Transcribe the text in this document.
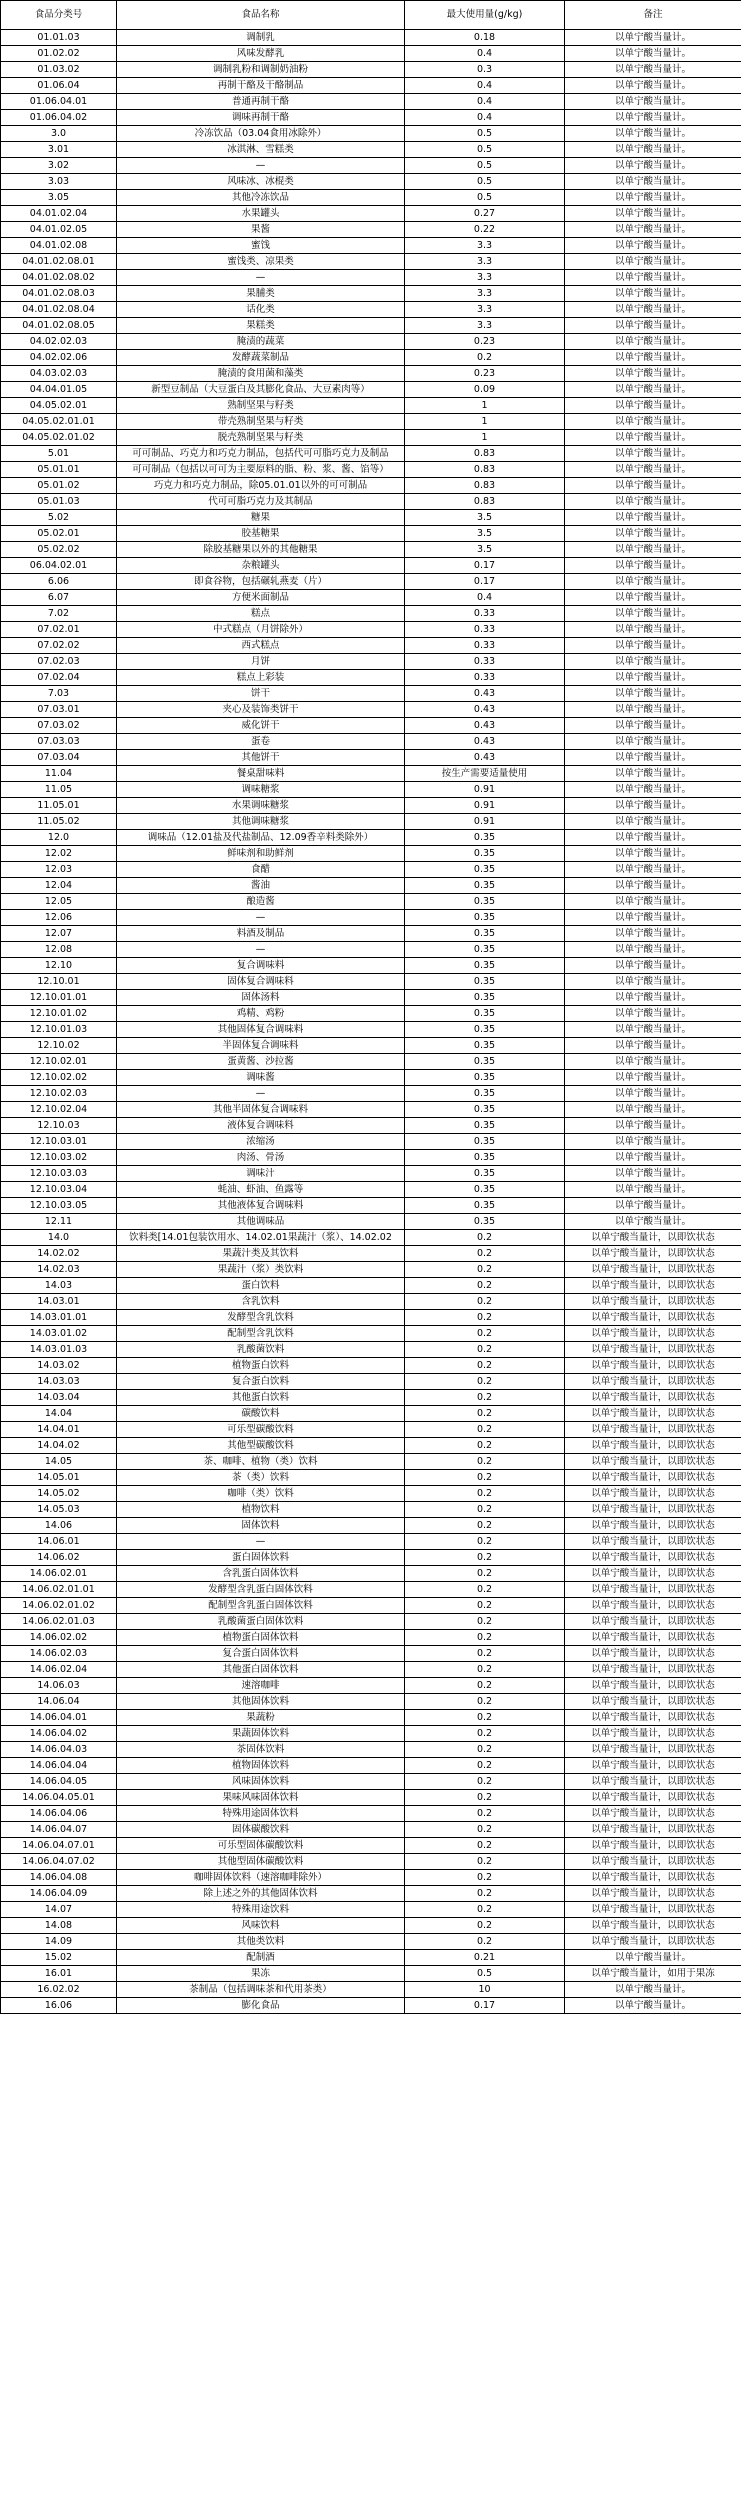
食品分类号	食品名称	最大使用量(g/kg)	备注
01.01.03	调制乳	0.18	以单宁酸当量计。
01.02.02	风味发酵乳	0.4	以单宁酸当量计。
01.03.02	调制乳粉和调制奶油粉	0.3	以单宁酸当量计。
01.06.04	再制干酪及干酪制品	0.4	以单宁酸当量计。
01.06.04.01	普通再制干酪	0.4	以单宁酸当量计。
01.06.04.02	调味再制干酪	0.4	以单宁酸当量计。
3.0	冷冻饮品（03.04食用冰除外）	0.5	以单宁酸当量计。
3.01	冰淇淋、雪糕类	0.5	以单宁酸当量计。
3.02	—	0.5	以单宁酸当量计。
3.03	风味冰、冰棍类	0.5	以单宁酸当量计。
3.05	其他冷冻饮品	0.5	以单宁酸当量计。
04.01.02.04	水果罐头	0.27	以单宁酸当量计。
04.01.02.05	果酱	0.22	以单宁酸当量计。
04.01.02.08	蜜饯	3.3	以单宁酸当量计。
04.01.02.08.01	蜜饯类、凉果类	3.3	以单宁酸当量计。
04.01.02.08.02	—	3.3	以单宁酸当量计。
04.01.02.08.03	果脯类	3.3	以单宁酸当量计。
04.01.02.08.04	话化类	3.3	以单宁酸当量计。
04.01.02.08.05	果糕类	3.3	以单宁酸当量计。
04.02.02.03	腌渍的蔬菜	0.23	以单宁酸当量计。
04.02.02.06	发酵蔬菜制品	0.2	以单宁酸当量计。
04.03.02.03	腌渍的食用菌和藻类	0.23	以单宁酸当量计。
04.04.01.05	新型豆制品（大豆蛋白及其膨化食品、大豆素肉等）	0.09	以单宁酸当量计。
04.05.02.01	熟制坚果与籽类	1	以单宁酸当量计。
04.05.02.01.01	带壳熟制坚果与籽类	1	以单宁酸当量计。
04.05.02.01.02	脱壳熟制坚果与籽类	1	以单宁酸当量计。
5.01	可可制品、巧克力和巧克力制品，包括代可可脂巧克力及制品	0.83	以单宁酸当量计。
05.01.01	可可制品（包括以可可为主要原料的脂、粉、浆、酱、馅等）	0.83	以单宁酸当量计。
05.01.02	巧克力和巧克力制品，除05.01.01以外的可可制品	0.83	以单宁酸当量计。
05.01.03	代可可脂巧克力及其制品	0.83	以单宁酸当量计。
5.02	糖果	3.5	以单宁酸当量计。
05.02.01	胶基糖果	3.5	以单宁酸当量计。
05.02.02	除胶基糖果以外的其他糖果	3.5	以单宁酸当量计。
06.04.02.01	杂粮罐头	0.17	以单宁酸当量计。
6.06	即食谷物，包括碾轧燕麦（片）	0.17	以单宁酸当量计。
6.07	方便米面制品	0.4	以单宁酸当量计。
7.02	糕点	0.33	以单宁酸当量计。
07.02.01	中式糕点（月饼除外）	0.33	以单宁酸当量计。
07.02.02	西式糕点	0.33	以单宁酸当量计。
07.02.03	月饼	0.33	以单宁酸当量计。
07.02.04	糕点上彩装	0.33	以单宁酸当量计。
7.03	饼干	0.43	以单宁酸当量计。
07.03.01	夹心及装饰类饼干	0.43	以单宁酸当量计。
07.03.02	威化饼干	0.43	以单宁酸当量计。
07.03.03	蛋卷	0.43	以单宁酸当量计。
07.03.04	其他饼干	0.43	以单宁酸当量计。
11.04	餐桌甜味料	按生产需要适量使用	以单宁酸当量计。
11.05	调味糖浆	0.91	以单宁酸当量计。
11.05.01	水果调味糖浆	0.91	以单宁酸当量计。
11.05.02	其他调味糖浆	0.91	以单宁酸当量计。
12.0	调味品（12.01盐及代盐制品、12.09香辛料类除外）	0.35	以单宁酸当量计。
12.02	鲜味剂和助鲜剂	0.35	以单宁酸当量计。
12.03	食醋	0.35	以单宁酸当量计。
12.04	酱油	0.35	以单宁酸当量计。
12.05	酿造酱	0.35	以单宁酸当量计。
12.06	—	0.35	以单宁酸当量计。
12.07	料酒及制品	0.35	以单宁酸当量计。
12.08	—	0.35	以单宁酸当量计。
12.10	复合调味料	0.35	以单宁酸当量计。
12.10.01	固体复合调味料	0.35	以单宁酸当量计。
12.10.01.01	固体汤料	0.35	以单宁酸当量计。
12.10.01.02	鸡精、鸡粉	0.35	以单宁酸当量计。
12.10.01.03	其他固体复合调味料	0.35	以单宁酸当量计。
12.10.02	半固体复合调味料	0.35	以单宁酸当量计。
12.10.02.01	蛋黄酱、沙拉酱	0.35	以单宁酸当量计。
12.10.02.02	调味酱	0.35	以单宁酸当量计。
12.10.02.03	—	0.35	以单宁酸当量计。
12.10.02.04	其他半固体复合调味料	0.35	以单宁酸当量计。
12.10.03	液体复合调味料	0.35	以单宁酸当量计。
12.10.03.01	浓缩汤	0.35	以单宁酸当量计。
12.10.03.02	肉汤、骨汤	0.35	以单宁酸当量计。
12.10.03.03	调味汁	0.35	以单宁酸当量计。
12.10.03.04	蚝油、虾油、鱼露等	0.35	以单宁酸当量计。
12.10.03.05	其他液体复合调味料	0.35	以单宁酸当量计。
12.11	其他调味品	0.35	以单宁酸当量计。
14.0	饮料类[14.01包装饮用水、14.02.01果蔬汁（浆）、14.02.02	0.2	以单宁酸当量计，以即饮状态
14.02.02	果蔬汁类及其饮料	0.2	以单宁酸当量计，以即饮状态
14.02.03	果蔬汁（浆）类饮料	0.2	以单宁酸当量计，以即饮状态
14.03	蛋白饮料	0.2	以单宁酸当量计，以即饮状态
14.03.01	含乳饮料	0.2	以单宁酸当量计，以即饮状态
14.03.01.01	发酵型含乳饮料	0.2	以单宁酸当量计，以即饮状态
14.03.01.02	配制型含乳饮料	0.2	以单宁酸当量计，以即饮状态
14.03.01.03	乳酸菌饮料	0.2	以单宁酸当量计，以即饮状态
14.03.02	植物蛋白饮料	0.2	以单宁酸当量计，以即饮状态
14.03.03	复合蛋白饮料	0.2	以单宁酸当量计，以即饮状态
14.03.04	其他蛋白饮料	0.2	以单宁酸当量计，以即饮状态
14.04	碳酸饮料	0.2	以单宁酸当量计，以即饮状态
14.04.01	可乐型碳酸饮料	0.2	以单宁酸当量计，以即饮状态
14.04.02	其他型碳酸饮料	0.2	以单宁酸当量计，以即饮状态
14.05	茶、咖啡、植物（类）饮料	0.2	以单宁酸当量计，以即饮状态
14.05.01	茶（类）饮料	0.2	以单宁酸当量计，以即饮状态
14.05.02	咖啡（类）饮料	0.2	以单宁酸当量计，以即饮状态
14.05.03	植物饮料	0.2	以单宁酸当量计，以即饮状态
14.06	固体饮料	0.2	以单宁酸当量计，以即饮状态
14.06.01	—	0.2	以单宁酸当量计，以即饮状态
14.06.02	蛋白固体饮料	0.2	以单宁酸当量计，以即饮状态
14.06.02.01	含乳蛋白固体饮料	0.2	以单宁酸当量计，以即饮状态
14.06.02.01.01	发酵型含乳蛋白固体饮料	0.2	以单宁酸当量计，以即饮状态
14.06.02.01.02	配制型含乳蛋白固体饮料	0.2	以单宁酸当量计，以即饮状态
14.06.02.01.03	乳酸菌蛋白固体饮料	0.2	以单宁酸当量计，以即饮状态
14.06.02.02	植物蛋白固体饮料	0.2	以单宁酸当量计，以即饮状态
14.06.02.03	复合蛋白固体饮料	0.2	以单宁酸当量计，以即饮状态
14.06.02.04	其他蛋白固体饮料	0.2	以单宁酸当量计，以即饮状态
14.06.03	速溶咖啡	0.2	以单宁酸当量计，以即饮状态
14.06.04	其他固体饮料	0.2	以单宁酸当量计，以即饮状态
14.06.04.01	果蔬粉	0.2	以单宁酸当量计，以即饮状态
14.06.04.02	果蔬固体饮料	0.2	以单宁酸当量计，以即饮状态
14.06.04.03	茶固体饮料	0.2	以单宁酸当量计，以即饮状态
14.06.04.04	植物固体饮料	0.2	以单宁酸当量计，以即饮状态
14.06.04.05	风味固体饮料	0.2	以单宁酸当量计，以即饮状态
14.06.04.05.01	果味风味固体饮料	0.2	以单宁酸当量计，以即饮状态
14.06.04.06	特殊用途固体饮料	0.2	以单宁酸当量计，以即饮状态
14.06.04.07	固体碳酸饮料	0.2	以单宁酸当量计，以即饮状态
14.06.04.07.01	可乐型固体碳酸饮料	0.2	以单宁酸当量计，以即饮状态
14.06.04.07.02	其他型固体碳酸饮料	0.2	以单宁酸当量计，以即饮状态
14.06.04.08	咖啡固体饮料（速溶咖啡除外）	0.2	以单宁酸当量计，以即饮状态
14.06.04.09	除上述之外的其他固体饮料	0.2	以单宁酸当量计，以即饮状态
14.07	特殊用途饮料	0.2	以单宁酸当量计，以即饮状态
14.08	风味饮料	0.2	以单宁酸当量计，以即饮状态
14.09	其他类饮料	0.2	以单宁酸当量计，以即饮状态
15.02	配制酒	0.21	以单宁酸当量计。
16.01	果冻	0.5	以单宁酸当量计，如用于果冻
16.02.02	茶制品（包括调味茶和代用茶类）	10	以单宁酸当量计。
16.06	膨化食品	0.17	以单宁酸当量计。
